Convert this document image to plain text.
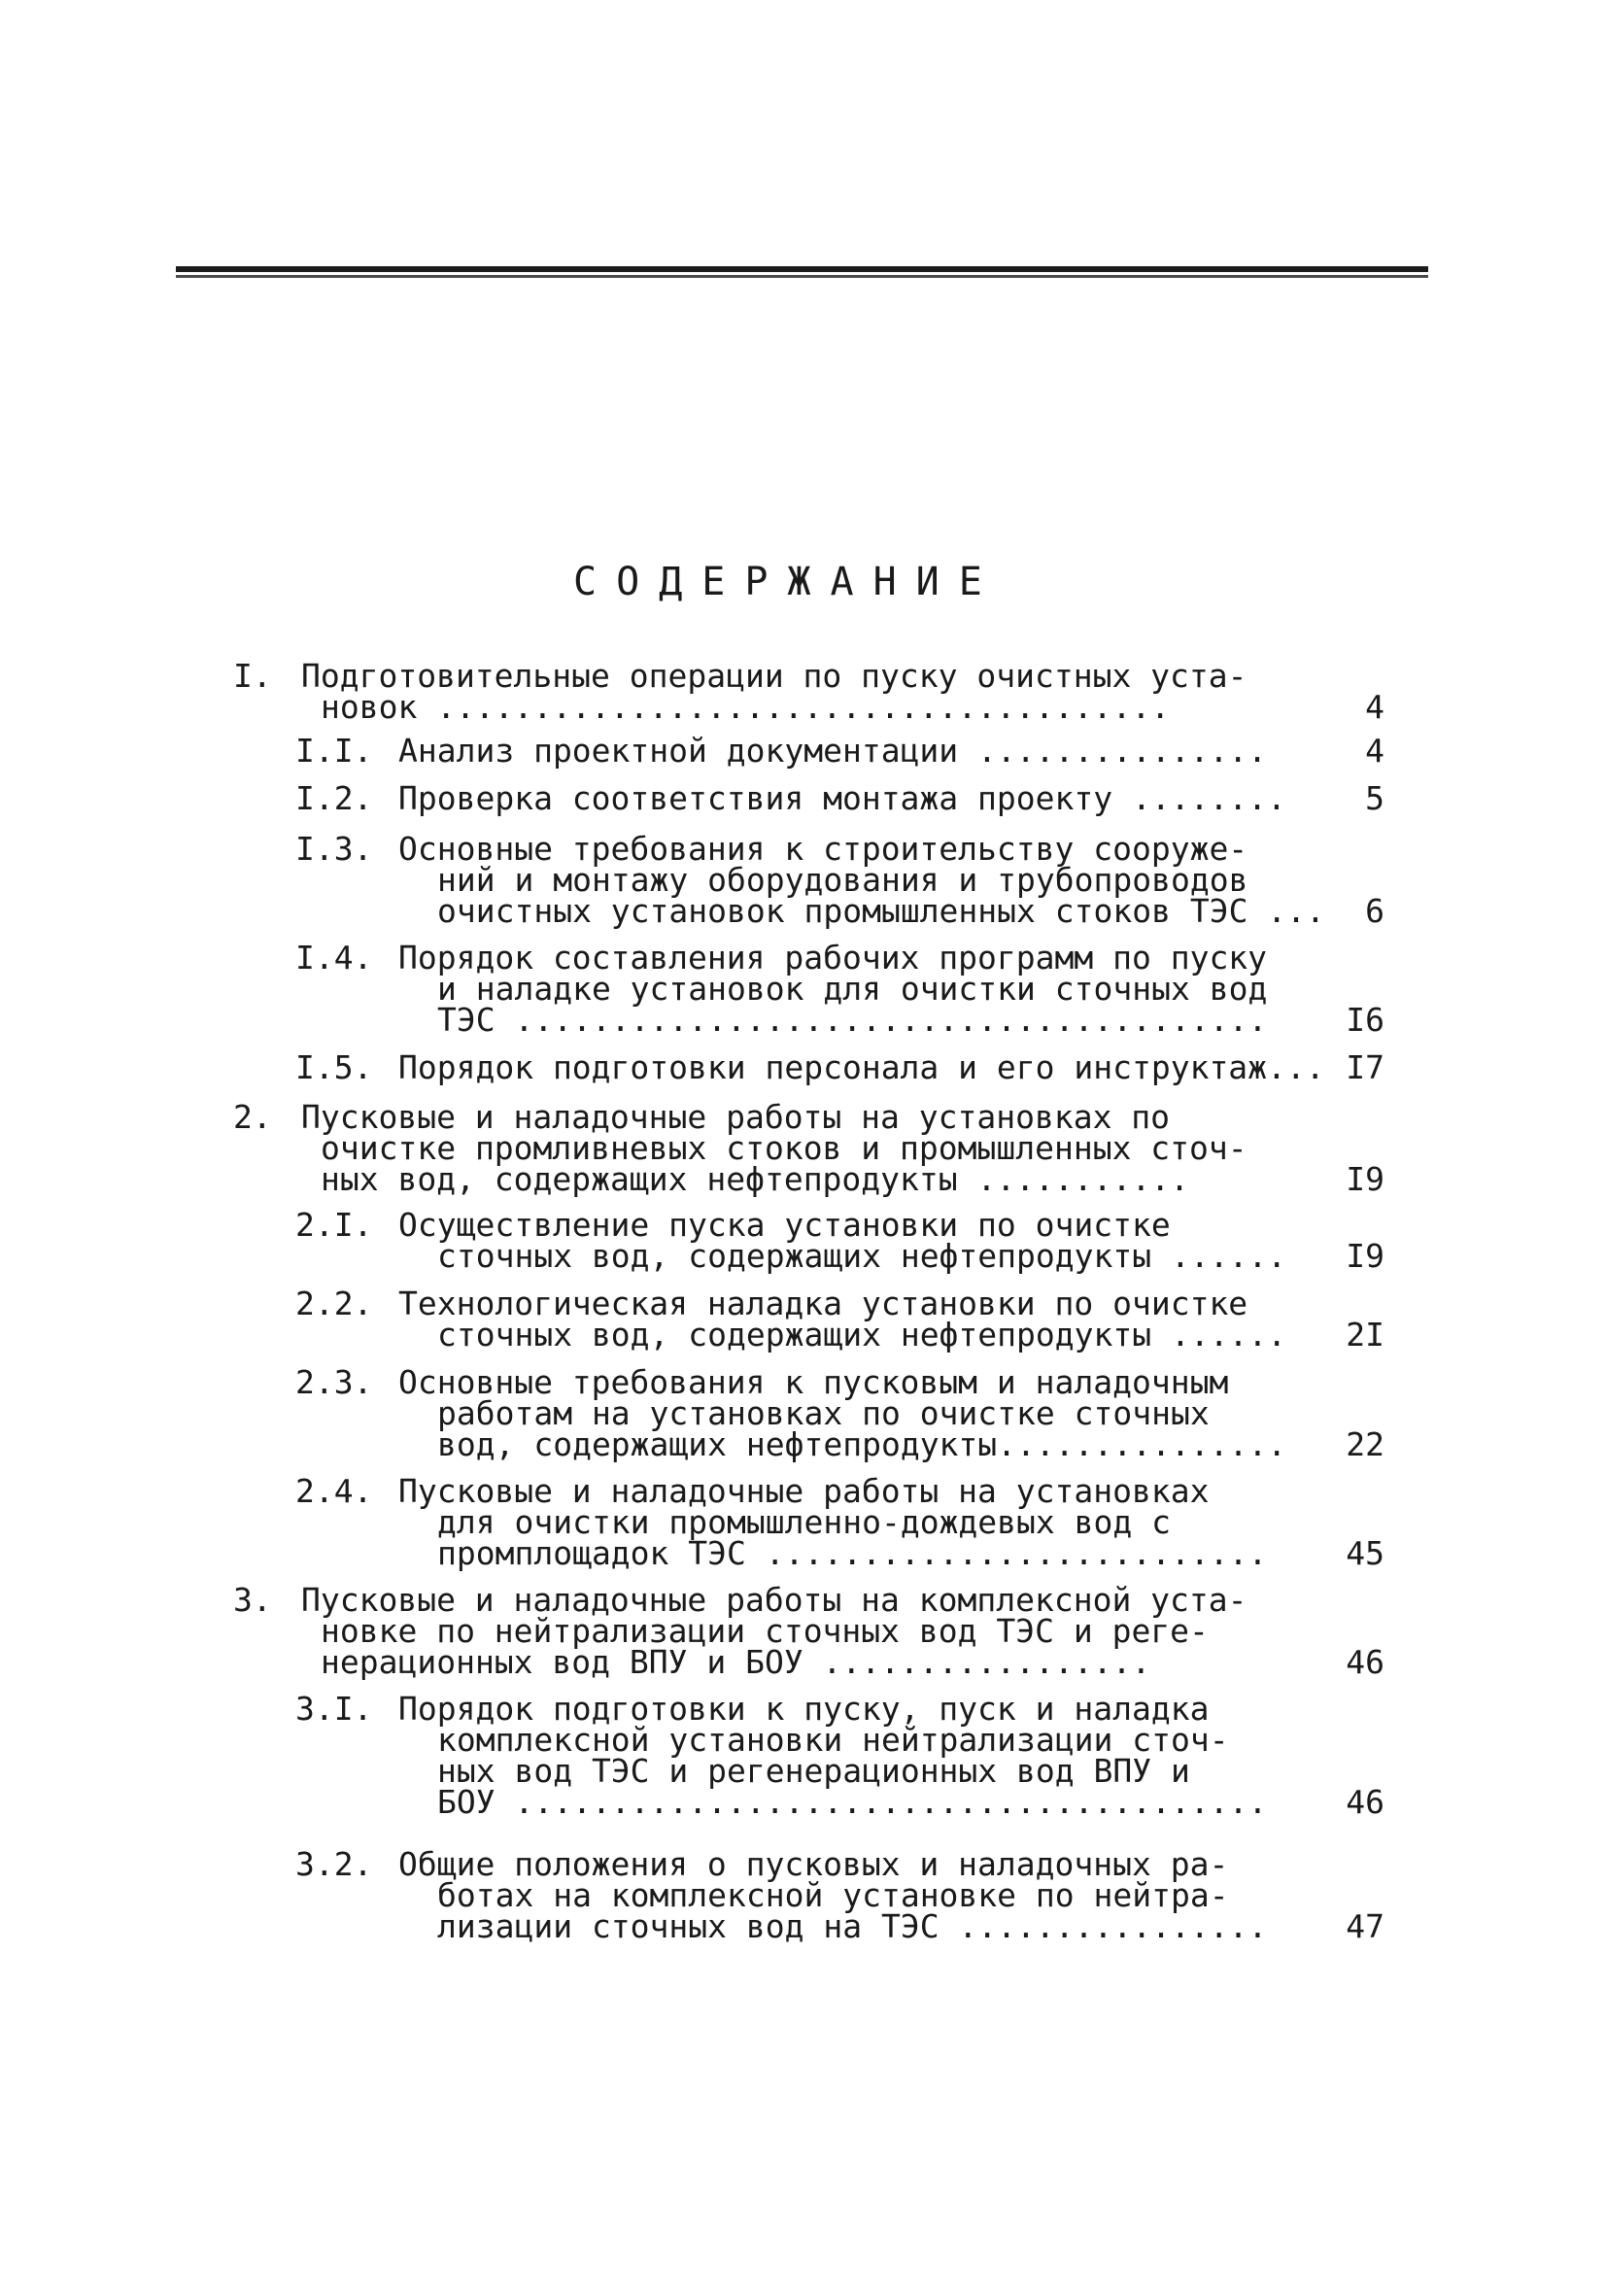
СОДЕРЖАНИЕ
I. Подготовительные операции по пуску очистных уста-
новок ......................................	4
I.I. Анализ проектной документации ...............	4
I.2. Проверка соответствия монтажа проекту ........	5
I.3. Основные требования к строительству сооруже-
ний и монтажу оборудования и трубопроводов
очистных установок промышленных стоков ТЭС ...	6
I.4. Порядок составления рабочих программ по пуску
и наладке установок для очистки сточных вод
ТЭС ....................................... I6
I.5. Порядок подготовки персонала и его инструктаж... I7
2. Пусковые и наладочные работы на установках по
очистке промливневых стоков и промышленных сточ-
ных вод, содержащих нефтепродукты ...........	I9
2.I. Осуществление пуска установки по очистке
сточных вод, содержащих нефтепродукты ...... I9
2.2. Технологическая наладка установки по очистке
сточных вод, содержащих нефтепродукты ...... 2I
2.3. Основные требования к пусковым и наладочным
работам на установках по очистке сточных
вод, содержащих нефтепродукты............... 22
2.4. Пусковые и наладочные работы на установках
для очистки промышленно-дождевых вод с
промплощадок ТЭС .......................... 45
3. Пусковые и наладочные работы на комплексной уста-
новке по нейтрализации сточных вод ТЭС и реге-
нерационных вод ВПУ и БОУ .................	46
3.I. Порядок подготовки к пуску, пуск и наладка
комплексной установки нейтрализации сточ-
ных вод ТЭС и регенерационных вод ВПУ и
БОУ ....................................... 46
3.2. Общие положения о пусковых и наладочных ра-
ботах на комплексной установке по нейтра-
лизации сточных вод на ТЭС ................ 47
